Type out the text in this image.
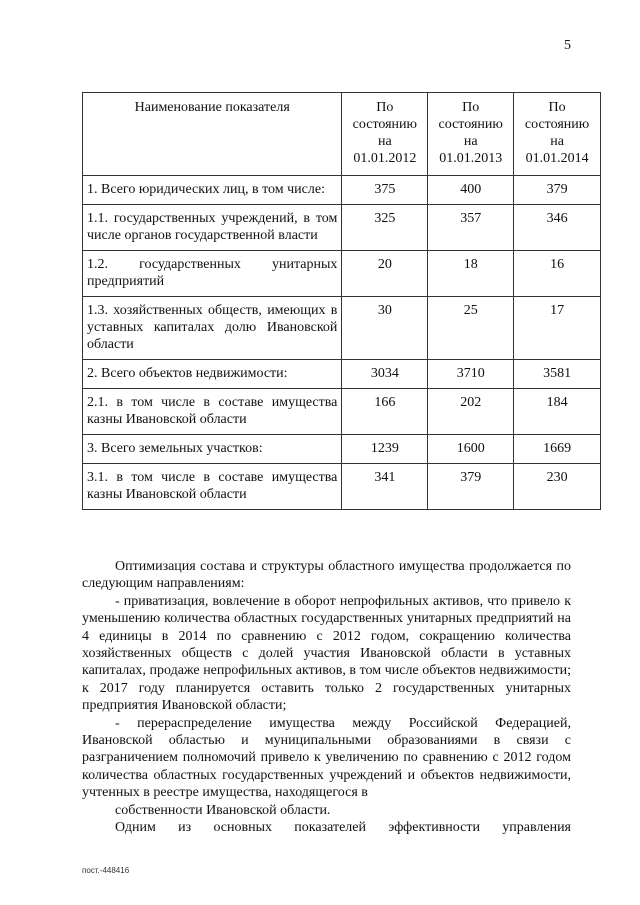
5
Наименование показателя	По состоянию на 01.01.2012	По состоянию на 01.01.2013	По состоянию на 01.01.2014
1. Всего юридических лиц, в том числе:	375	400	379
1.1. государственных учреждений, в том числе органов государственной власти	325	357	346
1.2. государственных унитарных предприятий	20	18	16
1.3. хозяйственных обществ, имеющих в уставных капиталах долю Ивановской области	30	25	17
2. Всего объектов недвижимости:	3034	3710	3581
2.1. в том числе в составе имущества казны Ивановской области	166	202	184
3. Всего земельных участков:	1239	1600	1669
3.1. в том числе в составе имущества казны Ивановской области	341	379	230

Оптимизация состава и структуры областного имущества продолжается по следующим направлениям:

- приватизация, вовлечение в оборот непрофильных активов, что привело к уменьшению количества областных государственных унитарных предприятий на 4 единицы в 2014 по сравнению с 2012 годом, сокращению количества хозяйственных обществ с долей участия Ивановской области в уставных капиталах, продаже непрофильных активов, в том числе объектов недвижимости; к 2017 году планируется оставить только 2 государственных унитарных предприятия Ивановской области;

- перераспределение имущества между Российской Федерацией, Ивановской областью и муниципальными образованиями в связи с разграничением полномочий привело к увеличению по сравнению с 2012 годом количества областных государственных учреждений и объектов недвижимости, учтенных в реестре имущества, находящегося в

собственности Ивановской области.

Одним из основных показателей эффективности управления

пост.-448416
